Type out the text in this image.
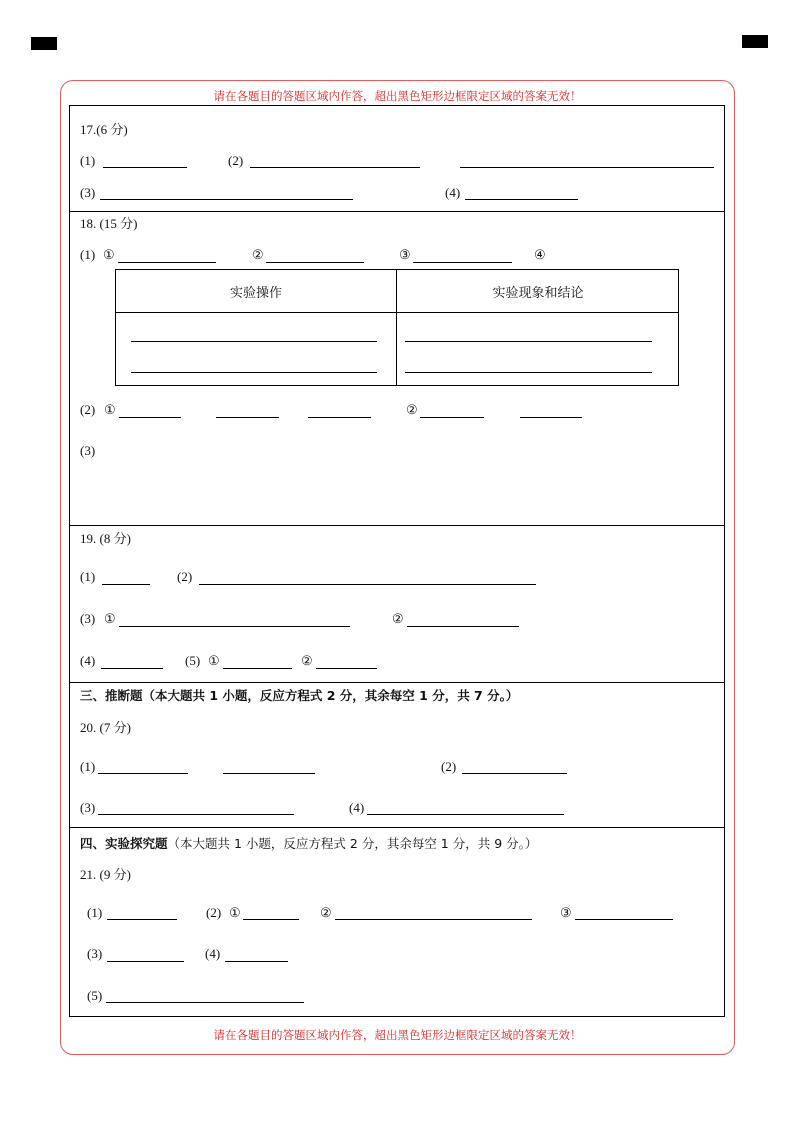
请在各题目的答题区域内作答，超出黑色矩形边框限定区域的答案无效！
请在各题目的答题区域内作答，超出黑色矩形边框限定区域的答案无效！
17.(6 分)
(1)	(2)
(3)	(4)
18. (15 分)
(1) ①	②	③	④
实验操作	实验现象和结论
(2) ①	②
(3)
19. (8 分)
(1)	(2)
(3) ①	②
(4)	(5) ①	②
三、推断题（本大题共 1 小题，反应方程式 2 分，其余每空 1 分，共 7 分。）
20. (7 分)
(1)	(2)
(3)	(4)
四、实验探究题（本大题共 1 小题，反应方程式 2 分，其余每空 1 分，共 9 分。）
21. (9 分)
(1)	(2) ①	②	③
(3)	(4)
(5)
